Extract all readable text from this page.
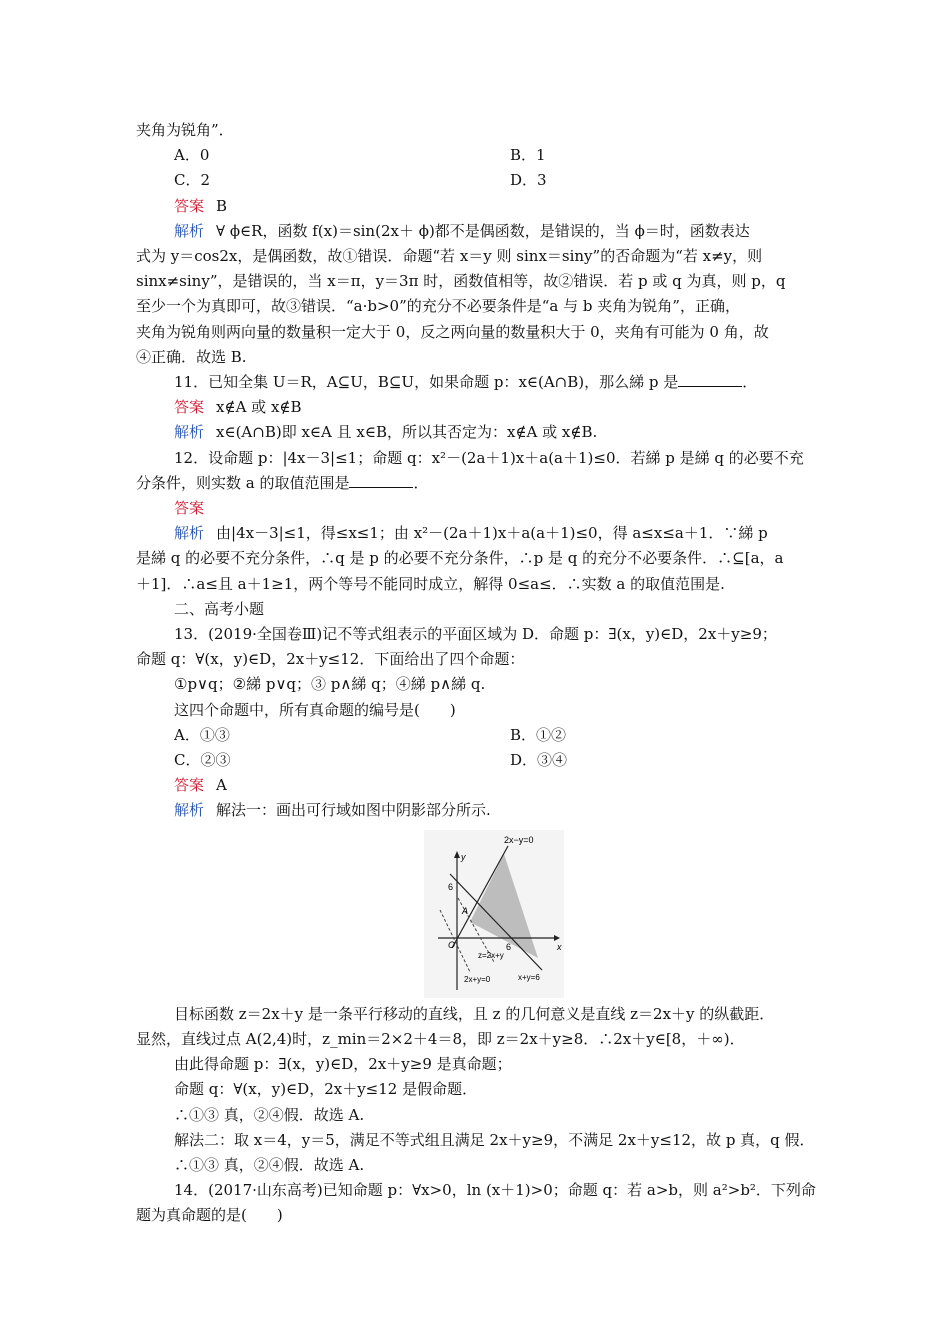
夹角为锐角”．
A．0	B．1
C．2	D．3
答案 B
解析 ∀ ϕ∈R，函数 f(x)＝sin(2x＋ ϕ)都不是偶函数，是错误的，当 ϕ＝时，函数表达
式为 y＝cos2x，是偶函数，故①错误．命题“若 x＝y 则 sinx＝siny”的否命题为“若 x≠y，则
sinx≠siny”，是错误的，当 x＝π，y＝3π 时，函数值相等，故②错误．若 p 或 q 为真，则 p，q
至少一个为真即可，故③错误．“a·b>0”的充分不必要条件是“a 与 b 夹角为锐角”，正确，
夹角为锐角则两向量的数量积一定大于 0，反之两向量的数量积大于 0，夹角有可能为 0 角，故
④正确．故选 B.
11．已知全集 U＝R，A⊆U，B⊆U，如果命题 p：x∈(A∩B)，那么綈 p 是	．
答案 x∉A 或 x∉B
解析 x∈(A∩B)即 x∈A 且 x∈B，所以其否定为：x∉A 或 x∉B.
12．设命题 p：|4x－3|≤1；命题 q：x²－(2a＋1)x＋a(a＋1)≤0．若綈 p 是綈 q 的必要不充
分条件，则实数 a 的取值范围是	．
答案
解析 由|4x－3|≤1，得≤x≤1；由 x²－(2a＋1)x＋a(a＋1)≤0，得 a≤x≤a＋1．∵綈 p
是綈 q 的必要不充分条件，∴q 是 p 的必要不充分条件，∴p 是 q 的充分不必要条件．∴⊆[a，a
＋1]．∴a≤且 a＋1≥1，两个等号不能同时成立，解得 0≤a≤．∴实数 a 的取值范围是.
二、高考小题
13．(2019·全国卷Ⅲ)记不等式组表示的平面区域为 D．命题 p：∃(x，y)∈D，2x＋y≥9；
命题 q：∀(x，y)∈D，2x＋y≤12．下面给出了四个命题：
①p∨q；②綈 p∨q；③ p∧綈 q；④綈 p∧綈 q.
这四个命题中，所有真命题的编号是(　　)
A．①③	B．①②
C．②③	D．③④
答案 A
解析 解法一：画出可行域如图中阴影部分所示.
2x−y=0
y
x
O
A
6
6
z=2x+y
2x+y=0	x+y=6
目标函数 z＝2x＋y 是一条平行移动的直线，且 z 的几何意义是直线 z＝2x＋y 的纵截距．
显然，直线过点 A(2,4)时，z_min＝2×2＋4＝8，即 z＝2x＋y≥8．∴2x＋y∈[8，＋∞)．
由此得命题 p：∃(x，y)∈D，2x＋y≥9 是真命题；
命题 q：∀(x，y)∈D，2x＋y≤12 是假命题．
∴①③ 真，②④假．故选 A.
解法二：取 x＝4，y＝5，满足不等式组且满足 2x＋y≥9，不满足 2x＋y≤12，故 p 真，q 假．
∴①③ 真，②④假．故选 A.
14．(2017·山东高考)已知命题 p：∀x>0，ln (x＋1)>0；命题 q：若 a>b，则 a²>b²．下列命
题为真命题的是(　　)
